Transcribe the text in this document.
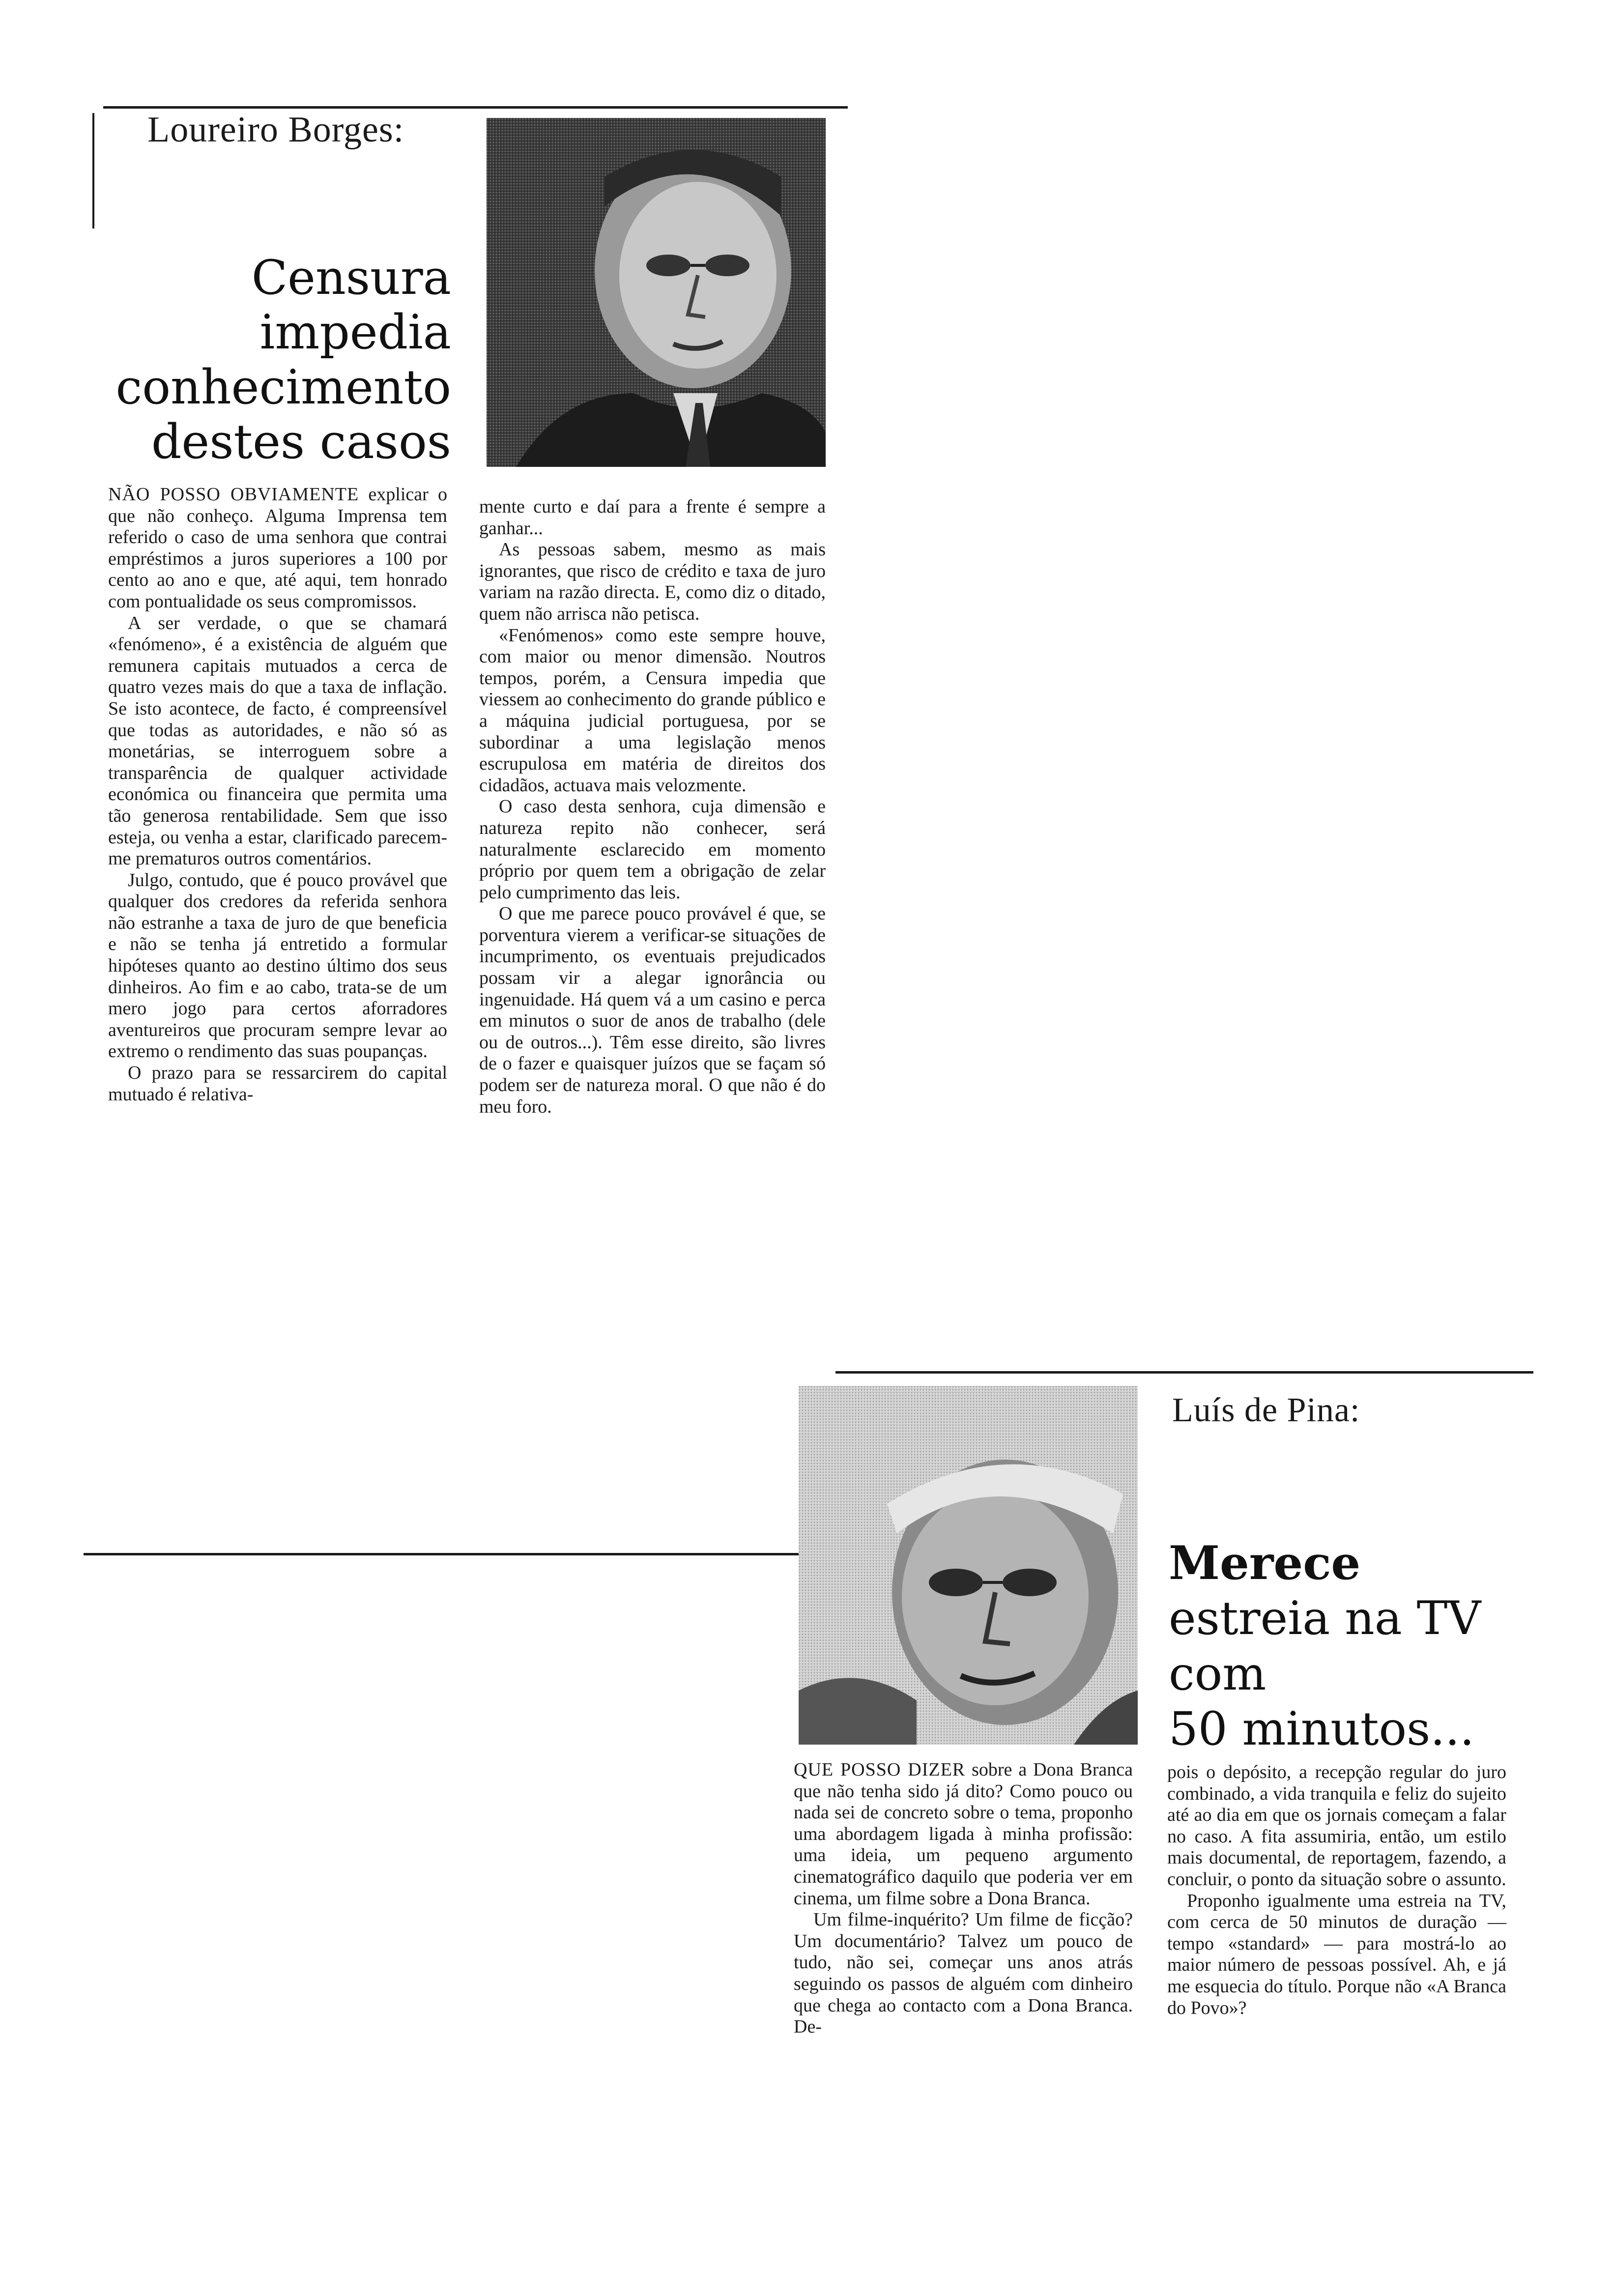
Loureiro Borges:
Censura
impedia
conhecimento
destes casos

NÃO POSSO OBVIAMENTE explicar o que não conheço. Alguma Imprensa tem referido o caso de uma senhora que contrai empréstimos a juros superiores a 100 por cento ao ano e que, até aqui, tem honrado com pontualidade os seus compromissos.

A ser verdade, o que se chamará «fenómeno», é a existência de alguém que remunera capitais mutuados a cerca de quatro vezes mais do que a taxa de inflação. Se isto acontece, de facto, é compreensível que todas as autoridades, e não só as monetárias, se interroguem sobre a transparência de qualquer actividade económica ou financeira que permita uma tão generosa rentabilidade. Sem que isso esteja, ou venha a estar, clarificado parecem-me prematuros outros comentários.

Julgo, contudo, que é pouco provável que qualquer dos credores da referida senhora não estranhe a taxa de juro de que beneficia e não se tenha já entretido a formular hipóteses quanto ao destino último dos seus dinheiros. Ao fim e ao cabo, trata-se de um mero jogo para certos aforradores aventureiros que procuram sempre levar ao extremo o rendimento das suas poupanças.

O prazo para se ressarcirem do capital mutuado é relativa-

mente curto e daí para a frente é sempre a ganhar...

As pessoas sabem, mesmo as mais ignorantes, que risco de crédito e taxa de juro variam na razão directa. E, como diz o ditado, quem não arrisca não petisca.

«Fenómenos» como este sempre houve, com maior ou menor dimensão. Noutros tempos, porém, a Censura impedia que viessem ao conhecimento do grande público e a máquina judicial portuguesa, por se subordinar a uma legislação menos escrupulosa em matéria de direitos dos cidadãos, actuava mais velozmente.

O caso desta senhora, cuja dimensão e natureza repito não conhecer, será naturalmente esclarecido em momento próprio por quem tem a obrigação de zelar pelo cumprimento das leis.

O que me parece pouco provável é que, se porventura vierem a verificar-se situações de incumprimento, os eventuais prejudicados possam vir a alegar ignorância ou ingenuidade. Há quem vá a um casino e perca em minutos o suor de anos de trabalho (dele ou de outros...). Têm esse direito, são livres de o fazer e quaisquer juízos que se façam só podem ser de natureza moral. O que não é do meu foro.

Luís de Pina:
Merece
estreia na TV
com
50 minutos...

QUE POSSO DIZER sobre a Dona Branca que não tenha sido já dito? Como pouco ou nada sei de concreto sobre o tema, proponho uma abordagem ligada à minha profissão: uma ideia, um pequeno argumento cinematográfico daquilo que poderia ver em cinema, um filme sobre a Dona Branca.

Um filme-inquérito? Um filme de ficção? Um documentário? Talvez um pouco de tudo, não sei, começar uns anos atrás seguindo os passos de alguém com dinheiro que chega ao contacto com a Dona Branca. De-

pois o depósito, a recepção regular do juro combinado, a vida tranquila e feliz do sujeito até ao dia em que os jornais começam a falar no caso. A fita assumiria, então, um estilo mais documental, de reportagem, fazendo, a concluir, o ponto da situação sobre o assunto.

Proponho igualmente uma estreia na TV, com cerca de 50 minutos de duração — tempo «standard» — para mostrá-lo ao maior número de pessoas possível. Ah, e já me esquecia do título. Porque não «A Branca do Povo»?
